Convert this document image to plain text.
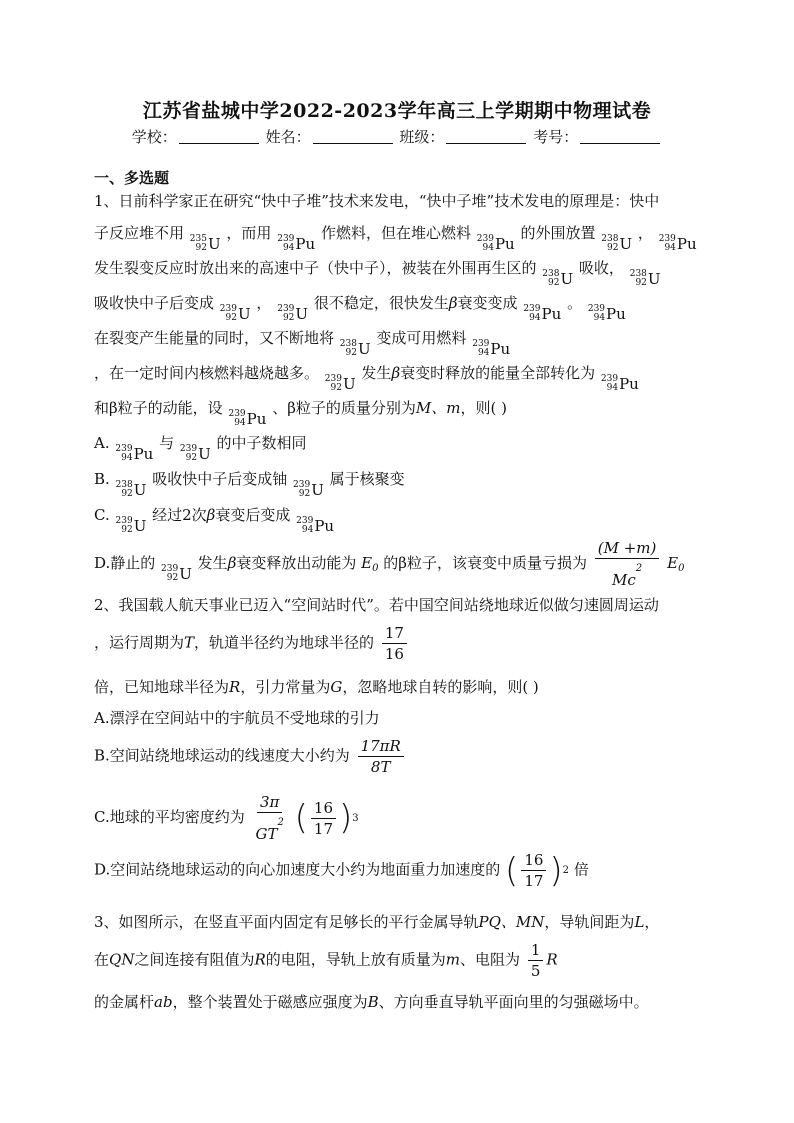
江苏省盐城中学2022-2023学年高三上学期期中物理试卷
学校：	姓名：	班级：	考号：
一、多选题
1、日前科学家正在研究“快中子堆”技术来发电，“快中子堆”技术发电的原理是：快中
子反应堆不用 235
92 U
，而用 239
94 Pu
作燃料，但在堆心燃料 239
94 Pu
的外围放置 238
92 U
， 239
94 Pu
发生裂变反应时放出来的高速中子（快中子），被装在外围再生区的 238
92 U
吸收， 238
92 U
吸收快中子后变成 239
92 U
， 239
92 U
很不稳定，很快发生β衰变变成 239
94 Pu
。 239
94 Pu
在裂变产生能量的同时，又不断地将 238
92 U
变成可用燃料 239
94 Pu
，在一定时间内核燃料越烧越多。 239
92 U
发生β衰变时释放的能量全部转化为 239
94 Pu
和β粒子的动能，设 239
94 Pu
、β粒子的质量分别为M、m，则( )
A. 239
94 Pu
与 239
92 U
的中子数相同
B. 238
92 U
吸收快中子后变成铀 239
92 U
属于核聚变
C. 239
92 U
经过2次β衰变后变成 239
94 Pu
D.静止的 239
92 U
发生β衰变释放出动能为 $E_0$ 的β粒子，该衰变中质量亏损为 $\frac{(M +m)}{Mc^2} E_0$
2、我国载人航天事业已迈入“空间站时代”。若中国空间站绕地球近似做匀速圆周运动
，运行周期为T，轨道半径约为地球半径的 $\frac{17}{16}$
倍，已知地球半径为R，引力常量为G，忽略地球自转的影响，则( )
A.漂浮在空间站中的宇航员不受地球的引力
B.空间站绕地球运动的线速度大小约为 $\frac{17\pi R}{8T}$
C.地球的平均密度约为 $\frac{3\pi}{GT^2}$
( $\frac{16}{17}$ ) 3
D.空间站绕地球运动的向心加速度大小约为地面重力加速度的 ( $\frac{16}{17}$ ) 2 倍
3、如图所示，在竖直平面内固定有足够长的平行金属导轨PQ、MN，导轨间距为L，
在QN之间连接有阻值为R的电阻，导轨上放有质量为m、电阻为 $\frac{1}{5}$ R
的金属杆ab，整个装置处于磁感应强度为B、方向垂直导轨平面向里的匀强磁场中。
